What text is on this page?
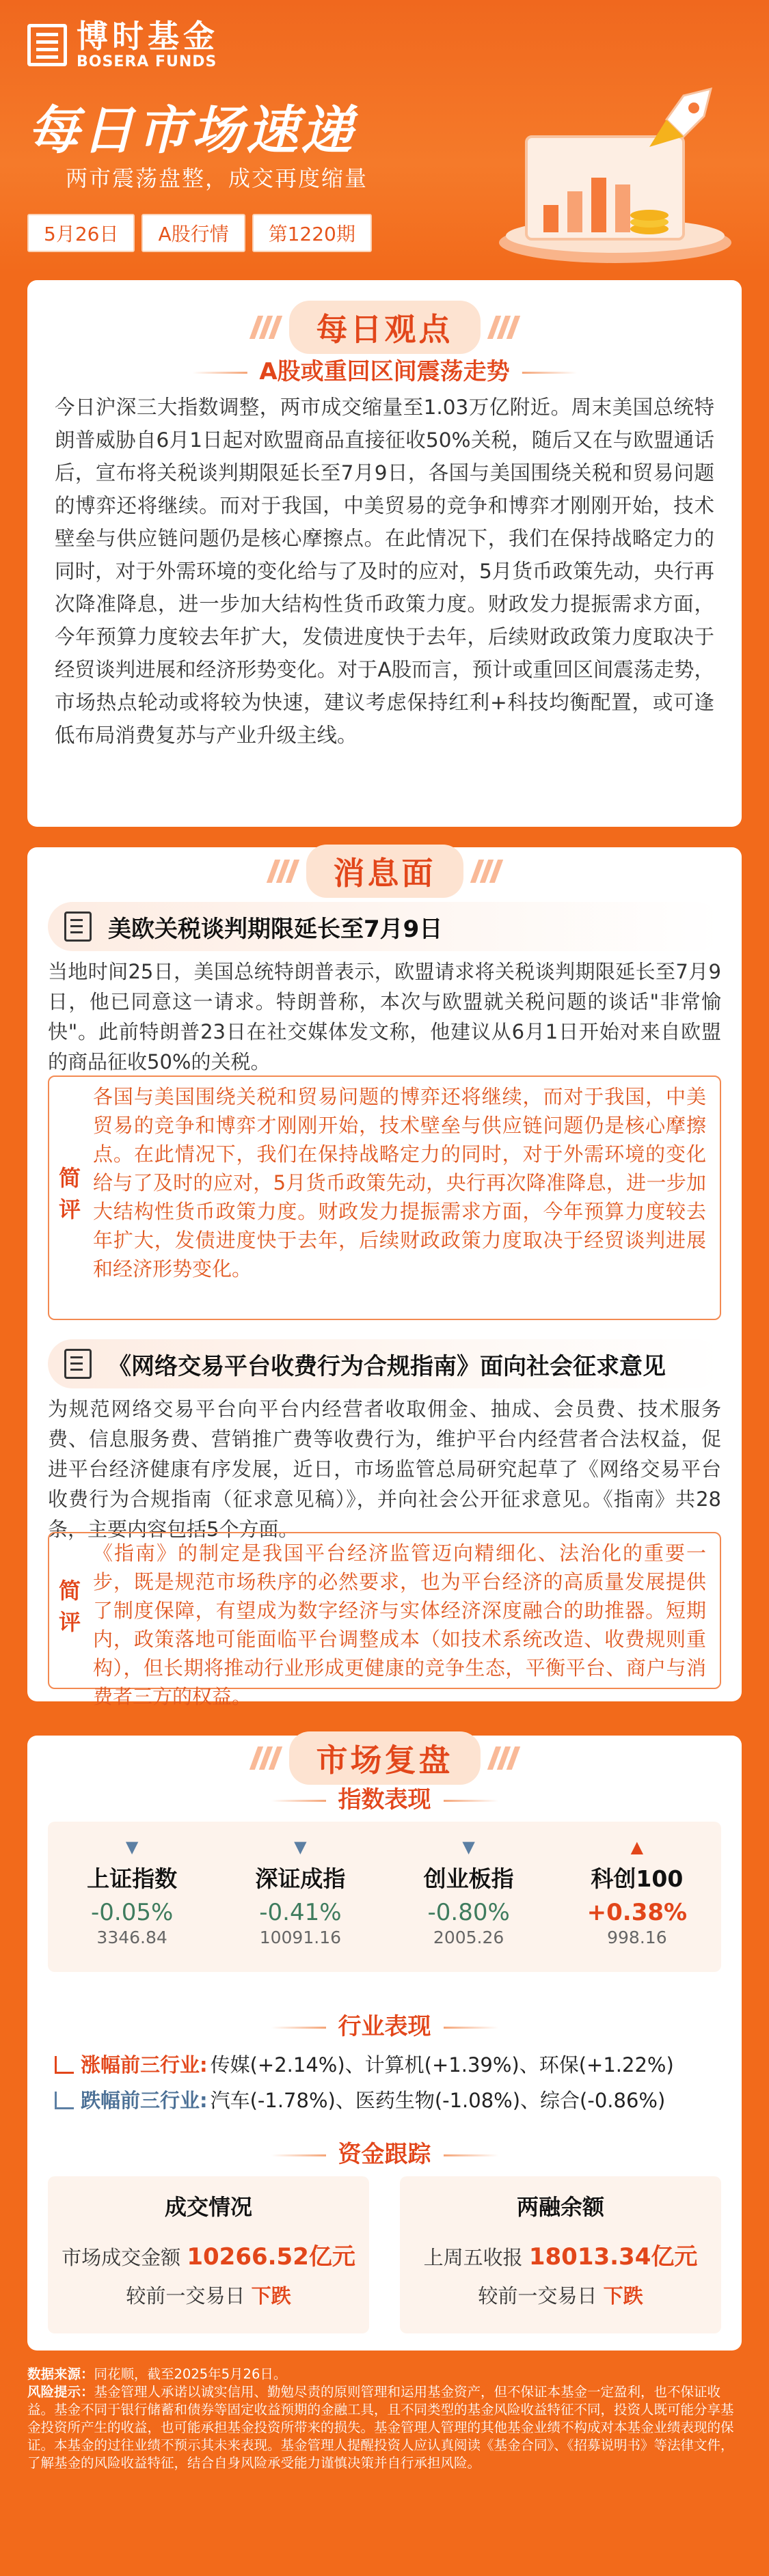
博时基金
BOSERA FUNDS
每日市场速递
两市震荡盘整，成交再度缩量
5月26日	A股行情	第1220期
每日观点
A股或重回区间震荡走势
今日沪深三大指数调整，两市成交缩量至1.03万亿附近。周末美国总统特朗普威胁自6月1日起对欧盟商品直接征收50%关税，随后又在与欧盟通话后，宣布将关税谈判期限延长至7月9日，各国与美国围绕关税和贸易问题的博弈还将继续。而对于我国，中美贸易的竞争和博弈才刚刚开始，技术壁垒与供应链问题仍是核心摩擦点。在此情况下，我们在保持战略定力的同时，对于外需环境的变化给与了及时的应对，5月货币政策先动，央行再次降准降息，进一步加大结构性货币政策力度。财政发力提振需求方面，今年预算力度较去年扩大，发债进度快于去年，后续财政政策力度取决于经贸谈判进展和经济形势变化。对于A股而言，预计或重回区间震荡走势，市场热点轮动或将较为快速，建议考虑保持红利+科技均衡配置，或可逢低布局消费复苏与产业升级主线。
消息面
美欧关税谈判期限延长至7月9日
当地时间25日，美国总统特朗普表示，欧盟请求将关税谈判期限延长至7月9日，他已同意这一请求。特朗普称，本次与欧盟就关税问题的谈话"非常愉快"。此前特朗普23日在社交媒体发文称，他建议从6月1日开始对来自欧盟的商品征收50%的关税。
简评
各国与美国围绕关税和贸易问题的博弈还将继续，而对于我国，中美贸易的竞争和博弈才刚刚开始，技术壁垒与供应链问题仍是核心摩擦点。在此情况下，我们在保持战略定力的同时，对于外需环境的变化给与了及时的应对，5月货币政策先动，央行再次降准降息，进一步加大结构性货币政策力度。财政发力提振需求方面，今年预算力度较去年扩大，发债进度快于去年，后续财政政策力度取决于经贸谈判进展和经济形势变化。
《网络交易平台收费行为合规指南》面向社会征求意见
为规范网络交易平台向平台内经营者收取佣金、抽成、会员费、技术服务费、信息服务费、营销推广费等收费行为，维护平台内经营者合法权益，促进平台经济健康有序发展，近日，市场监管总局研究起草了《网络交易平台收费行为合规指南（征求意见稿）》，并向社会公开征求意见。《指南》共28条，主要内容包括5个方面。
简评
《指南》的制定是我国平台经济监管迈向精细化、法治化的重要一步，既是规范市场秩序的必然要求，也为平台经济的高质量发展提供了制度保障，有望成为数字经济与实体经济深度融合的助推器。短期内，政策落地可能面临平台调整成本（如技术系统改造、收费规则重构），但长期将推动行业形成更健康的竞争生态，平衡平台、商户与消费者三方的权益。
市场复盘
指数表现
▼
上证指数
-0.05%
3346.84
▼
深证成指
-0.41%
10091.16
▼
创业板指
-0.80%
2005.26
▲
科创100
+0.38%
998.16
行业表现
涨幅前三行业: 传媒(+2.14%)、计算机(+1.39%)、环保(+1.22%)
跌幅前三行业: 汽车(-1.78%)、医药生物(-1.08%)、综合(-0.86%)
资金跟踪
成交情况
市场成交金额 10266.52亿元
较前一交易日 下跌
两融余额
上周五收报 18013.34亿元
较前一交易日 下跌
数据来源：同花顺，截至2025年5月26日。
风险提示：基金管理人承诺以诚实信用、勤勉尽责的原则管理和运用基金资产，但不保证本基金一定盈利，也不保证收益。基金不同于银行储蓄和债券等固定收益预期的金融工具，且不同类型的基金风险收益特征不同，投资人既可能分享基金投资所产生的收益，也可能承担基金投资所带来的损失。基金管理人管理的其他基金业绩不构成对本基金业绩表现的保证。本基金的过往业绩不预示其未来表现。基金管理人提醒投资人应认真阅读《基金合同》、《招募说明书》等法律文件，了解基金的风险收益特征，结合自身风险承受能力谨慎决策并自行承担风险。
